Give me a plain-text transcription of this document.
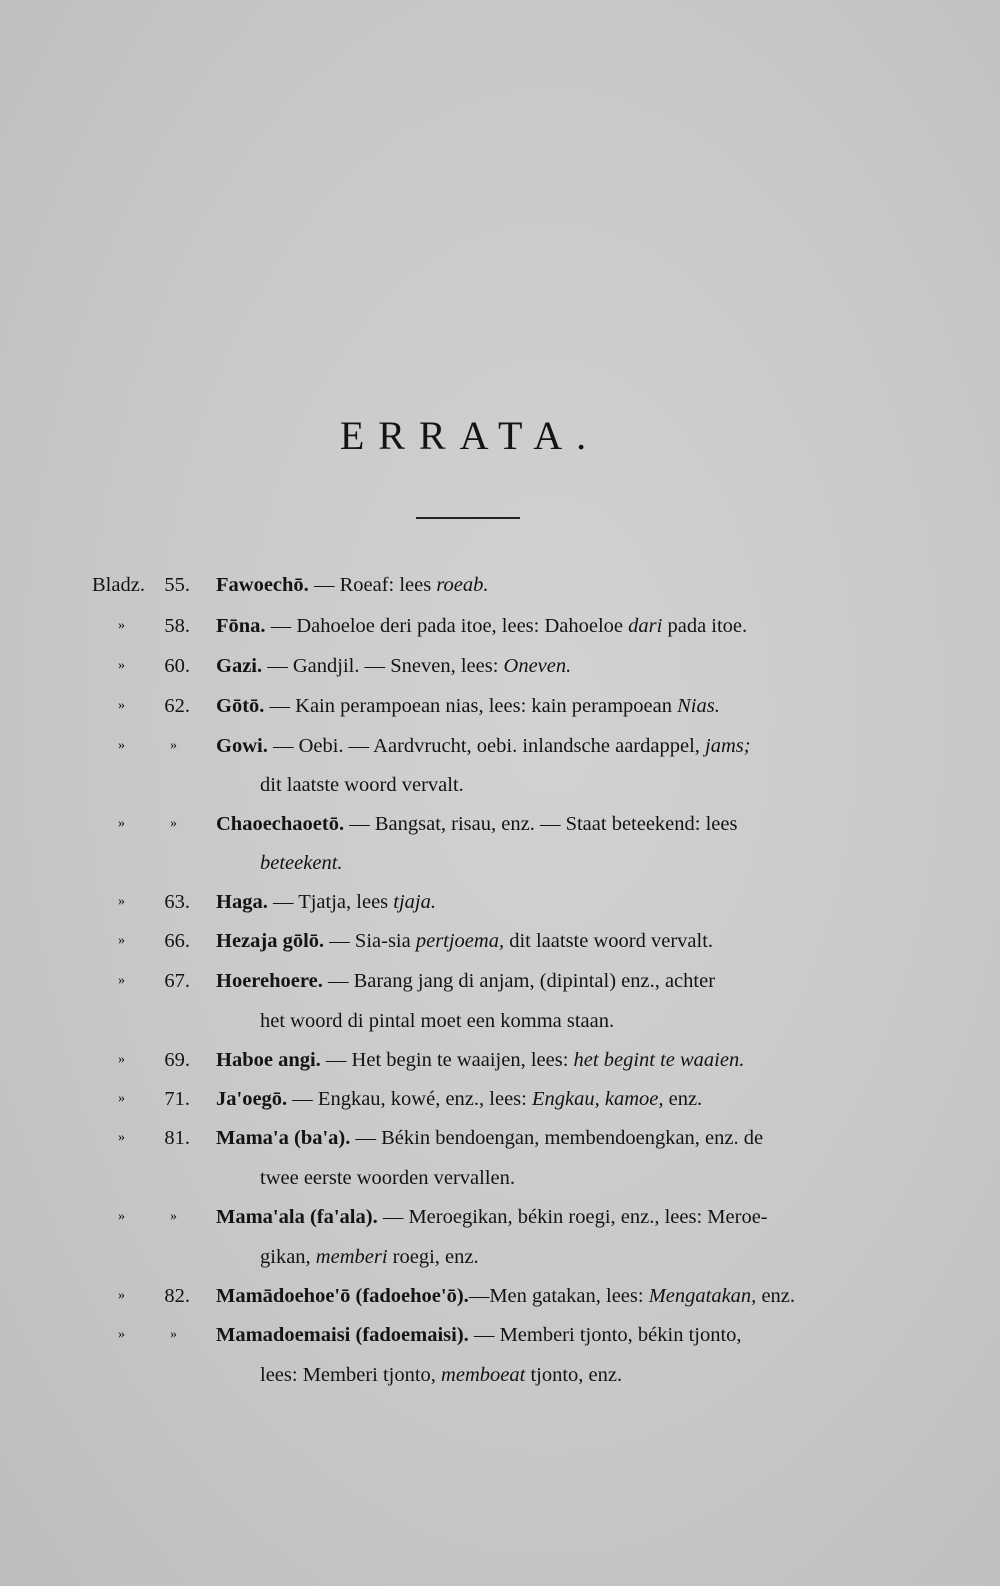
ERRATA.
Bladz. 55. Fawoechō. — Roeaf: lees roeab.
»	58. Fōna. — Dahoeloe deri pada itoe, lees: Dahoeloe dari pada itoe.
»	60. Gazi. — Gandjil. — Sneven, lees: Oneven.
»	62. Gōtō. — Kain perampoean nias, lees: kain perampoean Nias.
»	» Gowi. — Oebi. — Aardvrucht, oebi. inlandsche aardappel, jams;
dit laatste woord vervalt.
»	» Chaoechaoetō. — Bangsat, risau, enz. — Staat beteekend: lees
beteekent.
»	63. Haga. — Tjatja, lees tjaja.
»	66. Hezaja gōlō. — Sia-sia pertjoema, dit laatste woord vervalt.
»	67. Hoerehoere. — Barang jang di anjam, (dipintal) enz., achter
het woord di pintal moet een komma staan.
»	69. Haboe angi. — Het begin te waaijen, lees: het begint te waaien.
»	71. Ja'oegō. — Engkau, kowé, enz., lees: Engkau, kamoe, enz.
»	81. Mama'a (ba'a). — Békin bendoengan, membendoengkan, enz. de
twee eerste woorden vervallen.
»	» Mama'ala (fa'ala). — Meroegikan, békin roegi, enz., lees: Meroe-
gikan, memberi roegi, enz.
»	82. Mamādoehoe'ō (fadoehoe'ō).—Men gatakan, lees: Mengatakan, enz.
»	» Mamadoemaisi (fadoemaisi). — Memberi tjonto, békin tjonto,
lees: Memberi tjonto, memboeat tjonto, enz.
